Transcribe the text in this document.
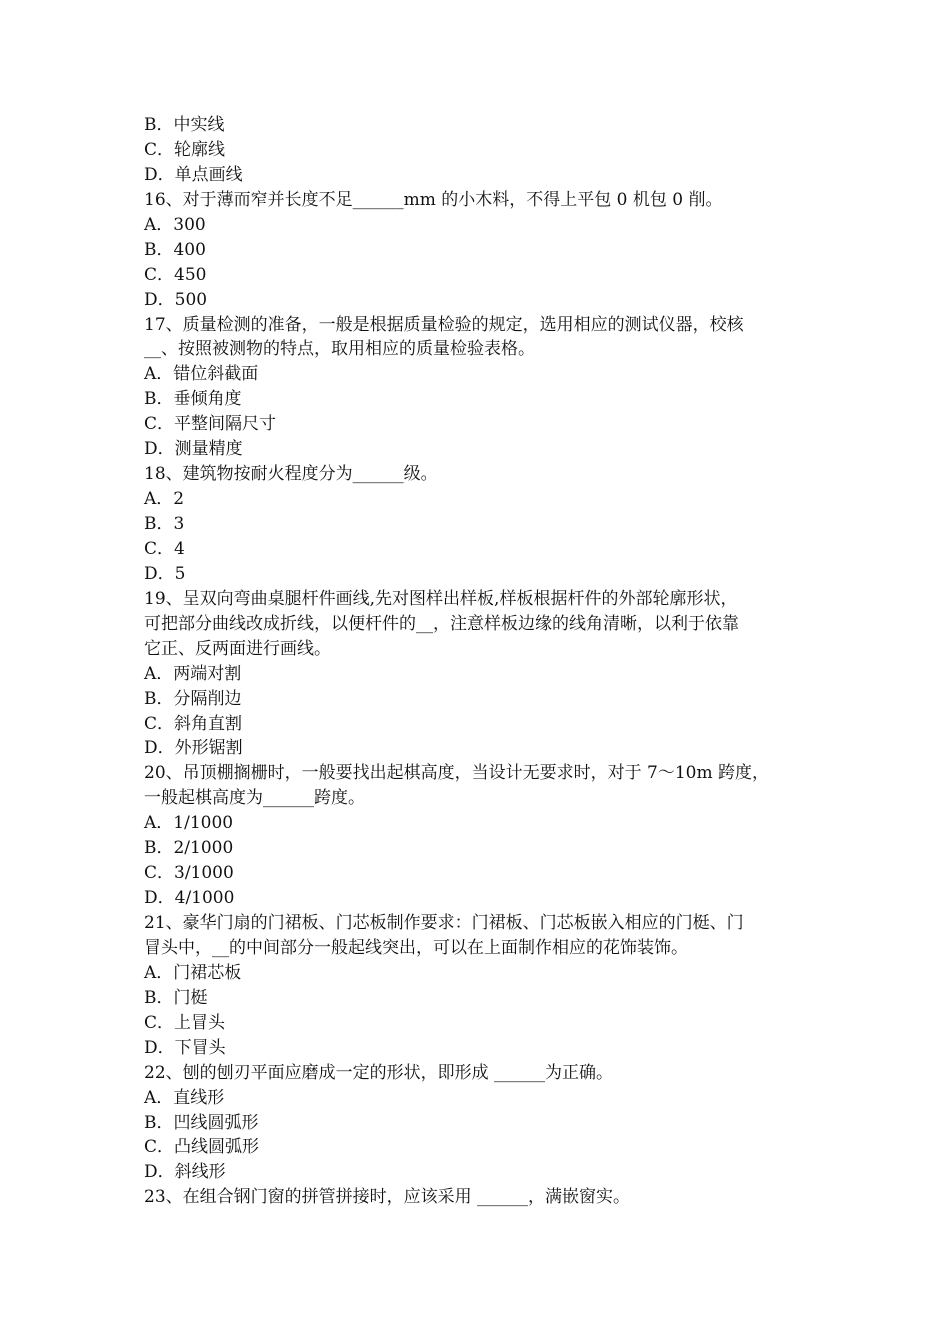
B．中实线

C．轮廓线

D．单点画线

16、对于薄而窄并长度不足______mm 的小木料，不得上平包 0 机包 0 削。

A．300

B．400

C．450

D．500

17、质量检测的准备，一般是根据质量检验的规定，选用相应的测试仪器，校核

__、按照被测物的特点，取用相应的质量检验表格。

A．错位斜截面

B．垂倾角度

C．平整间隔尺寸

D．测量精度

18、建筑物按耐火程度分为______级。

A．2

B．3

C．4

D．5

19、呈双向弯曲桌腿杆件画线,先对图样出样板,样板根据杆件的外部轮廓形状，

可把部分曲线改成折线，以便杆件的__，注意样板边缘的线角清晰，以利于依靠

它正、反两面进行画线。

A．两端对割

B．分隔削边

C．斜角直割

D．外形锯割

20、吊顶棚搁栅时，一般要找出起棋高度，当设计无要求时，对于 7～10m 跨度，

一般起棋高度为______跨度。

A．1/1000

B．2/1000

C．3/1000

D．4/1000

21、豪华门扇的门裙板、门芯板制作要求：门裙板、门芯板嵌入相应的门梃、门

冒头中，__的中间部分一般起线突出，可以在上面制作相应的花饰装饰。

A．门裙芯板

B．门梃

C．上冒头

D．下冒头

22、刨的刨刃平面应磨成一定的形状，即形成 ______为正确。

A．直线形

B．凹线圆弧形

C．凸线圆弧形

D．斜线形

23、在组合钢门窗的拼管拼接时，应该采用 ______，满嵌窗实。
